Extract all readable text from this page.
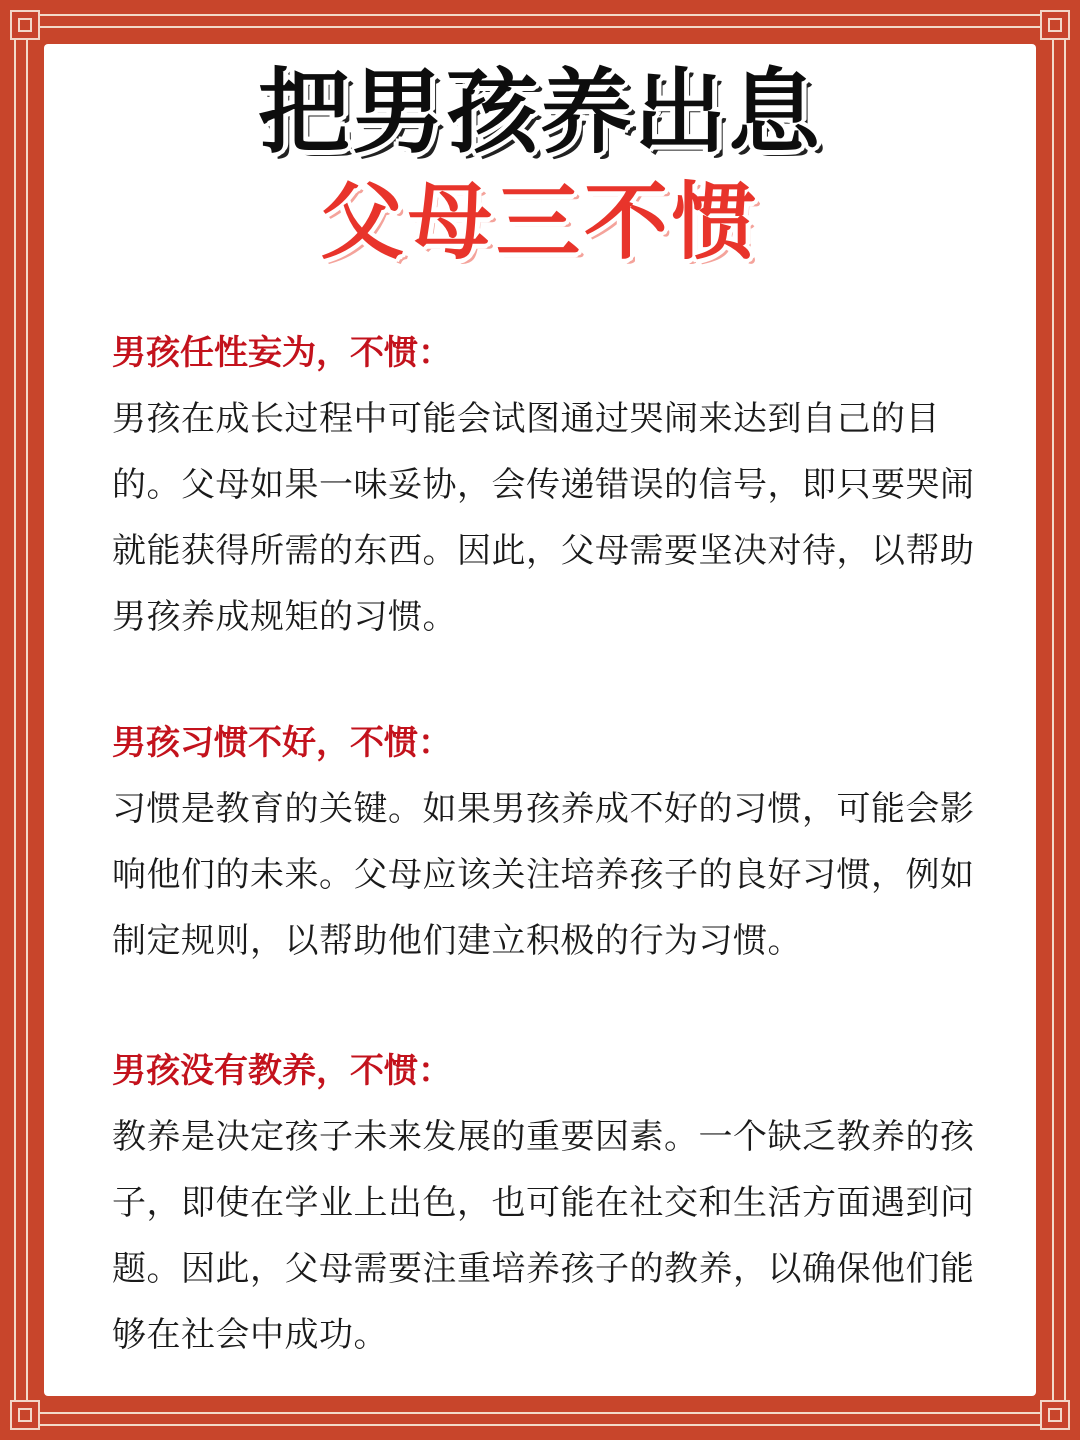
把男孩养出息
父母三不惯

男孩任性妄为，不惯：

男孩在成长过程中可能会试图通过哭闹来达到自己的目的。父母如果一味妥协，会传递错误的信号，即只要哭闹就能获得所需的东西。因此，父母需要坚决对待，以帮助男孩养成规矩的习惯。

男孩习惯不好，不惯：

习惯是教育的关键。如果男孩养成不好的习惯，可能会影响他们的未来。父母应该关注培养孩子的良好习惯，例如制定规则，以帮助他们建立积极的行为习惯。

男孩没有教养，不惯：

教养是决定孩子未来发展的重要因素。一个缺乏教养的孩子，即使在学业上出色，也可能在社交和生活方面遇到问题。因此，父母需要注重培养孩子的教养，以确保他们能够在社会中成功。
